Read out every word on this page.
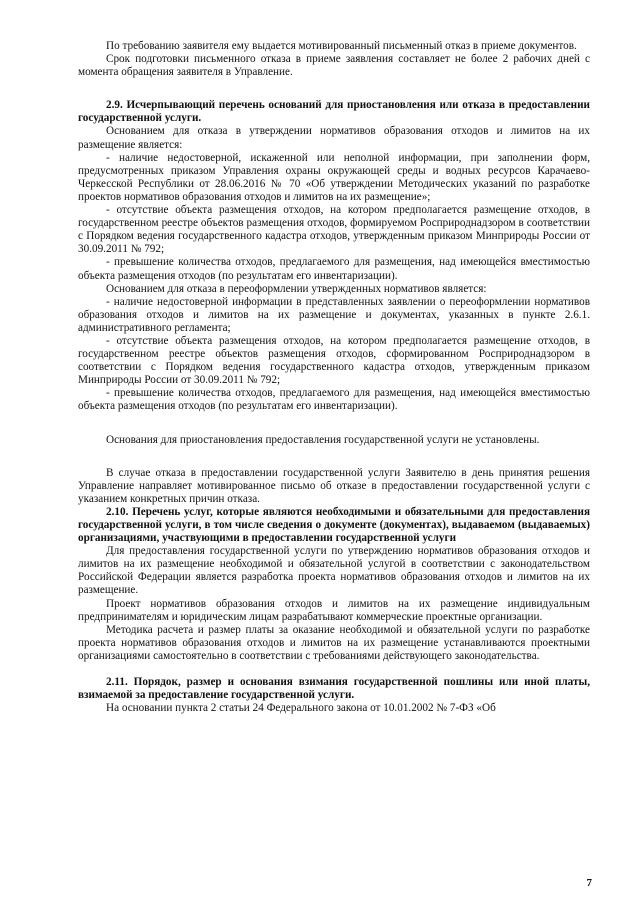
По требованию заявителя ему выдается мотивированный письменный отказ в приеме документов.

Срок подготовки письменного отказа в приеме заявления составляет не более 2 рабочих дней с момента обращения заявителя в Управление.

2.9. Исчерпывающий перечень оснований для приостановления или отказа в предоставлении государственной услуги.

Основанием для отказа в утверждении нормативов образования отходов и лимитов на их размещение является:

- наличие недостоверной, искаженной или неполной информации, при заполнении форм, предусмотренных приказом Управления охраны окружающей среды и водных ресурсов Карачаево-Черкесской Республики от 28.06.2016 № 70 «Об утверждении Методических указаний по разработке проектов нормативов образования отходов и лимитов на их размещение»;

- отсутствие объекта размещения отходов, на котором предполагается размещение отходов, в государственном реестре объектов размещения отходов, формируемом Росприроднадзором в соответствии с Порядком ведения государственного кадастра отходов, утвержденным приказом Минприроды России от 30.09.2011 № 792;

- превышение количества отходов, предлагаемого для размещения, над имеющейся вместимостью объекта размещения отходов (по результатам его инвентаризации).

Основанием для отказа в переоформлении утвержденных нормативов является:

- наличие недостоверной информации в представленных заявлении о переоформлении нормативов образования отходов и лимитов на их размещение и документах, указанных в пункте 2.6.1. административного регламента;

- отсутствие объекта размещения отходов, на котором предполагается размещение отходов, в государственном реестре объектов размещения отходов, сформированном Росприроднадзором в соответствии с Порядком ведения государственного кадастра отходов, утвержденным приказом Минприроды России от 30.09.2011 № 792;

- превышение количества отходов, предлагаемого для размещения, над имеющейся вместимостью объекта размещения отходов (по результатам его инвентаризации).

Основания для приостановления предоставления государственной услуги не установлены.

В случае отказа в предоставлении государственной услуги Заявителю в день принятия решения Управление направляет мотивированное письмо об отказе в предоставлении государственной услуги с указанием конкретных причин отказа.

2.10. Перечень услуг, которые являются необходимыми и обязательными для предоставления государственной услуги, в том числе сведения о документе (документах), выдаваемом (выдаваемых) организациями, участвующими в предоставлении государственной услуги

Для предоставления государственной услуги по утверждению нормативов образования отходов и лимитов на их размещение необходимой и обязательной услугой в соответствии с законодательством Российской Федерации является разработка проекта нормативов образования отходов и лимитов на их размещение.

Проект нормативов образования отходов и лимитов на их размещение индивидуальным предпринимателям и юридическим лицам разрабатывают коммерческие проектные организации.

Методика расчета и размер платы за оказание необходимой и обязательной услуги по разработке проекта нормативов образования отходов и лимитов на их размещение устанавливаются проектными организациями самостоятельно в соответствии с требованиями действующего законодательства.

2.11. Порядок, размер и основания взимания государственной пошлины или иной платы, взимаемой за предоставление государственной услуги.

На основании пункта 2 статьи 24 Федерального закона от 10.01.2002 № 7-ФЗ «Об

7
